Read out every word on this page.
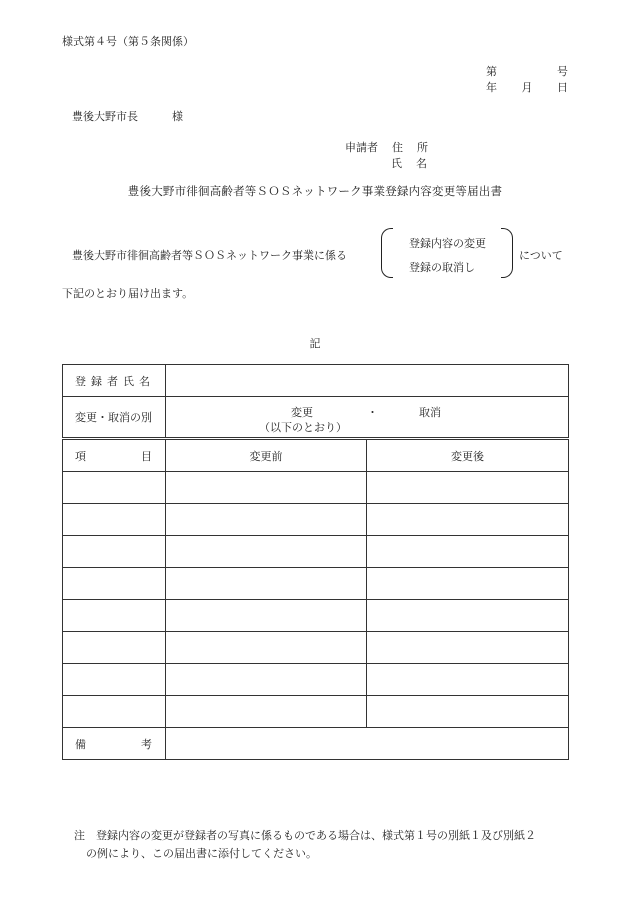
様式第４号（第５条関係）
第	号
年 月 日
豊後大野市長	様
申請者 住 所
氏 名
豊後大野市徘徊高齢者等ＳＯＳネットワーク事業登録内容変更等届出書
豊後大野市徘徊高齢者等ＳＯＳネットワーク事業に係る
登録内容の変更
登録の取消し
について
下記のとおり届け出ます。
記
登 録 者 氏 名		
変更・取消の別	変更 ・ 取消
（以下のとおり）	

項 目	変更前	変更後

備 考		

注　登録内容の変更が登録者の写真に係るものである場合は、様式第１号の別紙１及び別紙２
の例により、この届出書に添付してください。
